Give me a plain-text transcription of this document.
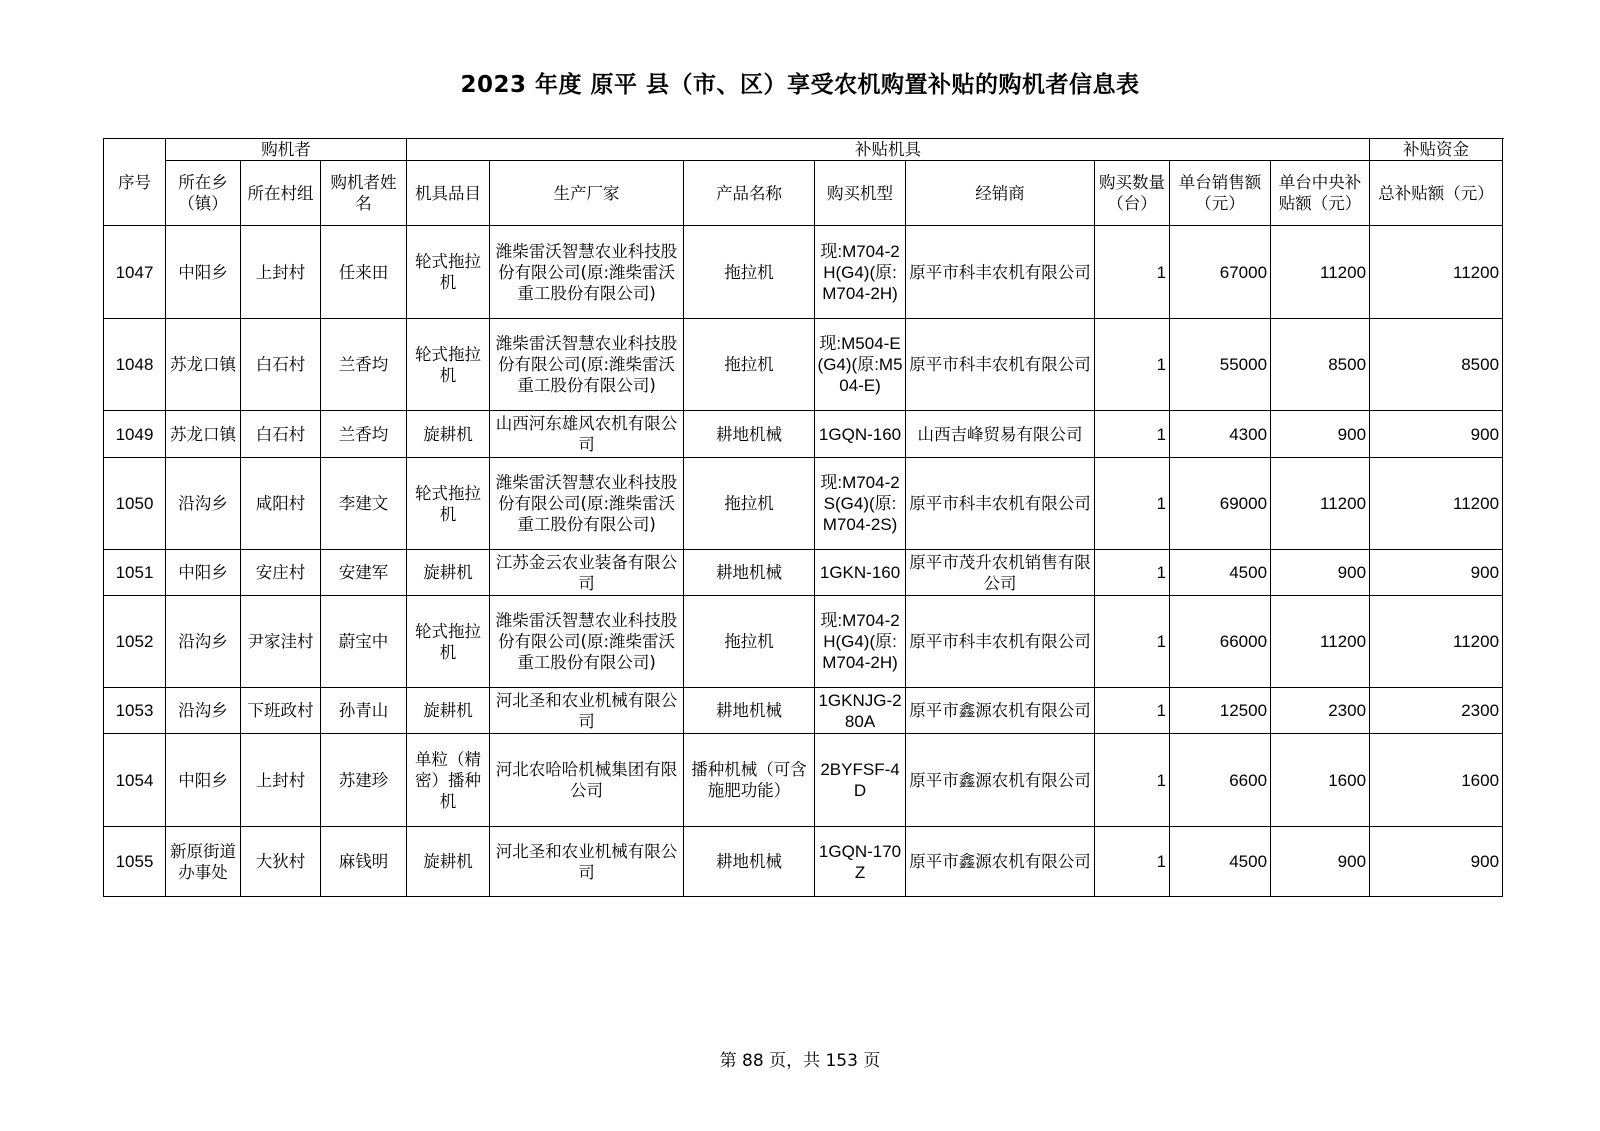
2023 年度 原平 县（市、区）享受农机购置补贴的购机者信息表
序号	购机者			补贴机具								补贴资金
	所在乡（镇）	所在村组	购机者姓名	机具品目	生产厂家	产品名称	购买机型	经销商	购买数量（台）	单台销售额（元）	单台中央补贴额（元）	总补贴额（元）
1047	中阳乡	上封村	任来田	轮式拖拉机	潍柴雷沃智慧农业科技股份有限公司(原:潍柴雷沃重工股份有限公司)	拖拉机	现:M704-2H(G4)(原:M704-2H)	原平市科丰农机有限公司	1	67000	11200	11200
1048	苏龙口镇	白石村	兰香均	轮式拖拉机	潍柴雷沃智慧农业科技股份有限公司(原:潍柴雷沃重工股份有限公司)	拖拉机	现:M504-E(G4)(原:M504-E)	原平市科丰农机有限公司	1	55000	8500	8500
1049	苏龙口镇	白石村	兰香均	旋耕机	山西河东雄风农机有限公司	耕地机械	1GQN-160	山西吉峰贸易有限公司	1	4300	900	900
1050	沿沟乡	咸阳村	李建文	轮式拖拉机	潍柴雷沃智慧农业科技股份有限公司(原:潍柴雷沃重工股份有限公司)	拖拉机	现:M704-2S(G4)(原:M704-2S)	原平市科丰农机有限公司	1	69000	11200	11200
1051	中阳乡	安庄村	安建军	旋耕机	江苏金云农业装备有限公司	耕地机械	1GKN-160	原平市茂升农机销售有限公司	1	4500	900	900
1052	沿沟乡	尹家洼村	蔚宝中	轮式拖拉机	潍柴雷沃智慧农业科技股份有限公司(原:潍柴雷沃重工股份有限公司)	拖拉机	现:M704-2H(G4)(原:M704-2H)	原平市科丰农机有限公司	1	66000	11200	11200
1053	沿沟乡	下班政村	孙青山	旋耕机	河北圣和农业机械有限公司	耕地机械	1GKNJG-280A	原平市鑫源农机有限公司	1	12500	2300	2300
1054	中阳乡	上封村	苏建珍	单粒（精密）播种机	河北农哈哈机械集团有限公司	播种机械（可含施肥功能）	2BYFSF-4D	原平市鑫源农机有限公司	1	6600	1600	1600
1055	新原街道办事处	大狄村	麻钱明	旋耕机	河北圣和农业机械有限公司	耕地机械	1GQN-170Z	原平市鑫源农机有限公司	1	4500	900	900
第 88 页，共 153 页
